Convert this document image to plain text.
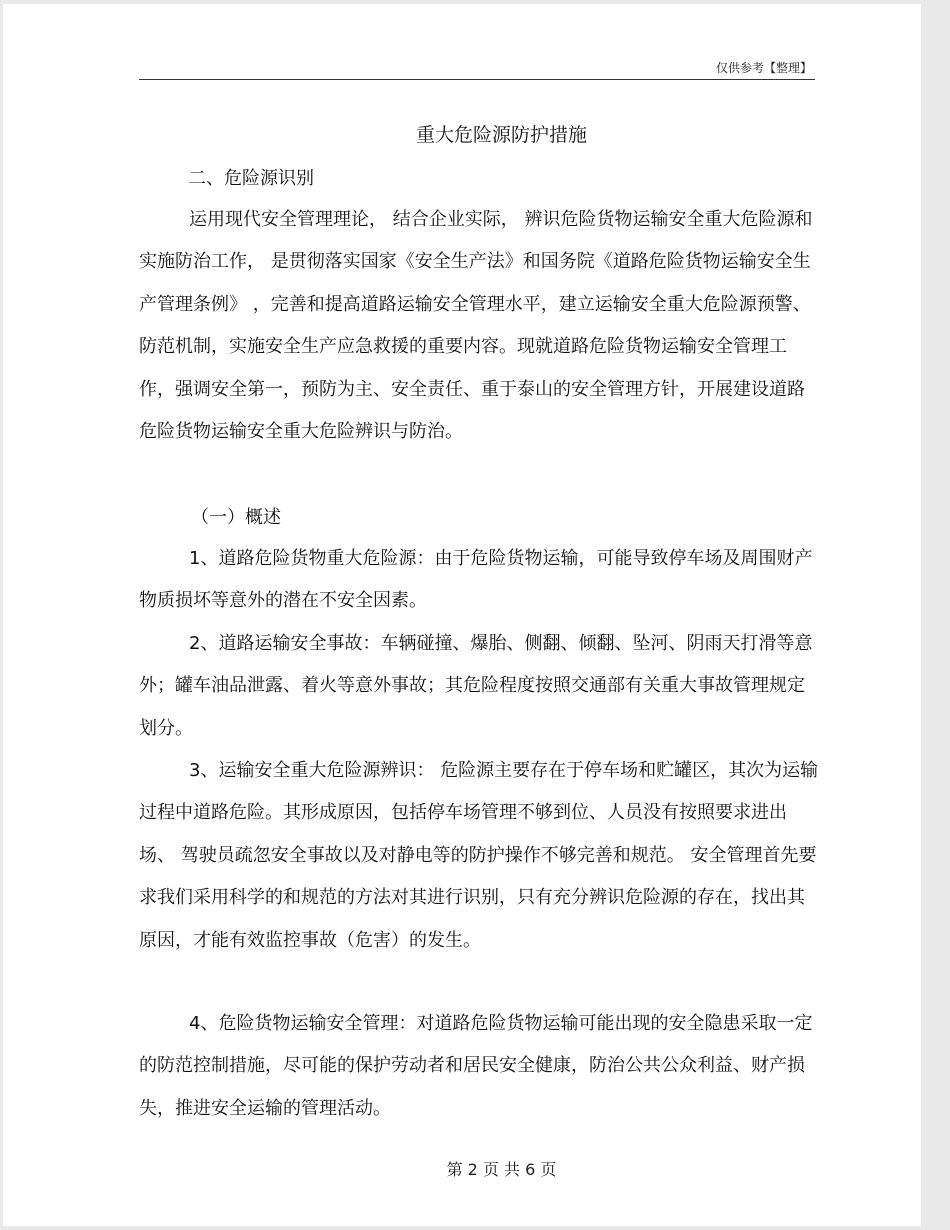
仅供参考【整理】
重大危险源防护措施
二、危险源识别

运用现代安全管理理论， 结合企业实际， 辨识危险货物运输安全重大危险源和实施防治工作， 是贯彻落实国家《安全生产法》和国务院《道路危险货物运输安全生产管理条例》 ，完善和提高道路运输安全管理水平，建立运输安全重大危险源预警、防范机制，实施安全生产应急救援的重要内容。现就道路危险货物运输安全管理工作，强调安全第一，预防为主、安全责任、重于泰山的安全管理方针，开展建设道路危险货物运输安全重大危险辨识与防治。

（一）概述

1、道路危险货物重大危险源：由于危险货物运输，可能导致停车场及周围财产物质损坏等意外的潜在不安全因素。

2、道路运输安全事故：车辆碰撞、爆胎、侧翻、倾翻、坠河、阴雨天打滑等意外；罐车油品泄露、着火等意外事故；其危险程度按照交通部有关重大事故管理规定划分。

3、运输安全重大危险源辨识： 危险源主要存在于停车场和贮罐区，其次为运输过程中道路危险。其形成原因，包括停车场管理不够到位、人员没有按照要求进出场、 驾驶员疏忽安全事故以及对静电等的防护操作不够完善和规范。 安全管理首先要求我们采用科学的和规范的方法对其进行识别，只有充分辨识危险源的存在，找出其原因，才能有效监控事故（危害）的发生。

4、危险货物运输安全管理：对道路危险货物运输可能出现的安全隐患采取一定的防范控制措施，尽可能的保护劳动者和居民安全健康，防治公共公众利益、财产损失，推进安全运输的管理活动。

第 2 页 共 6 页
